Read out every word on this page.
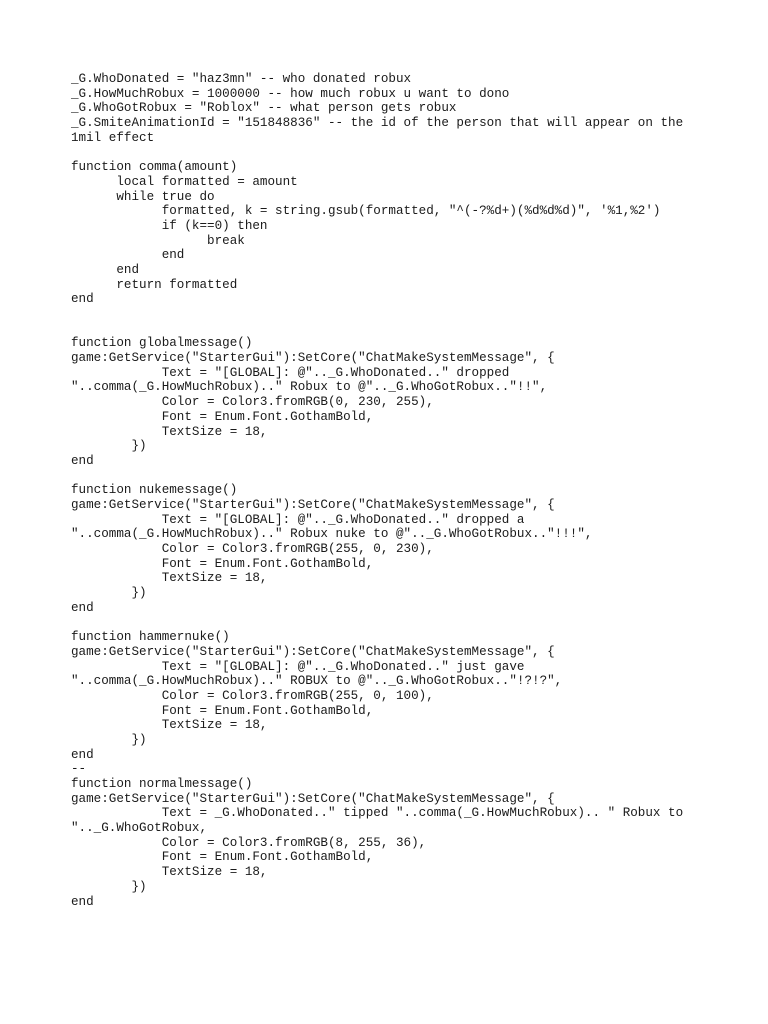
_G.WhoDonated = "haz3mn" -- who donated robux
_G.HowMuchRobux = 1000000 -- how much robux u want to dono
_G.WhoGotRobux = "Roblox" -- what person gets robux
_G.SmiteAnimationId = "151848836" -- the id of the person that will appear on the
1mil effect
function comma(amount)
local formatted = amount
while true do
formatted, k = string.gsub(formatted, "^(-?%d+)(%d%d%d)", '%1,%2')
if (k==0) then
break
end
end
return formatted
end
function globalmessage()
game:GetService("StarterGui"):SetCore("ChatMakeSystemMessage", {
Text = "[GLOBAL]: @".._G.WhoDonated.." dropped
"..comma(_G.HowMuchRobux).." Robux to @".._G.WhoGotRobux.."!!",
Color = Color3.fromRGB(0, 230, 255),
Font = Enum.Font.GothamBold,
TextSize = 18,
})
end
function nukemessage()
game:GetService("StarterGui"):SetCore("ChatMakeSystemMessage", {
Text = "[GLOBAL]: @".._G.WhoDonated.." dropped a
"..comma(_G.HowMuchRobux).." Robux nuke to @".._G.WhoGotRobux.."!!!",
Color = Color3.fromRGB(255, 0, 230),
Font = Enum.Font.GothamBold,
TextSize = 18,
})
end
function hammernuke()
game:GetService("StarterGui"):SetCore("ChatMakeSystemMessage", {
Text = "[GLOBAL]: @".._G.WhoDonated.." just gave
"..comma(_G.HowMuchRobux).." ROBUX to @".._G.WhoGotRobux.."!?!?",
Color = Color3.fromRGB(255, 0, 100),
Font = Enum.Font.GothamBold,
TextSize = 18,
})
end
--
function normalmessage()
game:GetService("StarterGui"):SetCore("ChatMakeSystemMessage", {
Text = _G.WhoDonated.." tipped "..comma(_G.HowMuchRobux).. " Robux to
".._G.WhoGotRobux,
Color = Color3.fromRGB(8, 255, 36),
Font = Enum.Font.GothamBold,
TextSize = 18,
})
end
